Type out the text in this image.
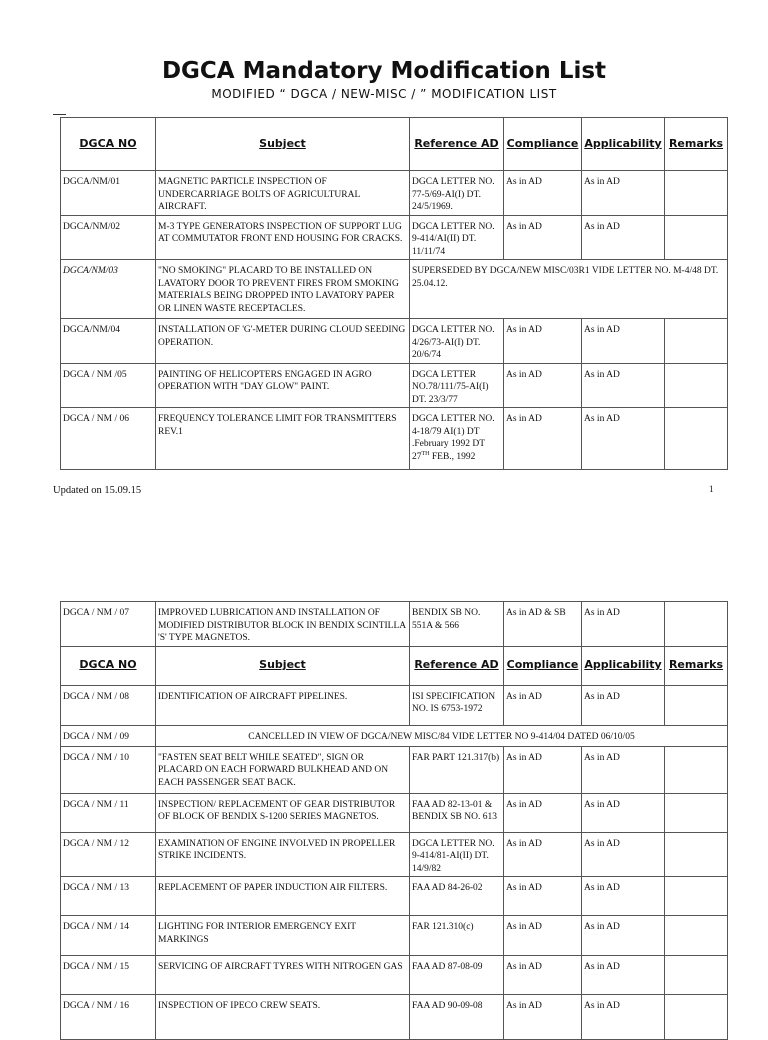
DGCA Mandatory Modification List
MODIFIED “ DGCA / NEW-MISC / ” MODIFICATION LIST
DGCA NO	Subject	Reference AD	Compliance	Applicability	Remarks
DGCA/NM/01	MAGNETIC PARTICLE INSPECTION OF UNDERCARRIAGE BOLTS OF AGRICULTURAL AIRCRAFT.	DGCA LETTER NO. 77-5/69-AI(I) DT. 24/5/1969.	As in AD	As in AD	
DGCA/NM/02	M-3 TYPE GENERATORS INSPECTION OF SUPPORT LUG AT COMMUTATOR FRONT END HOUSING FOR CRACKS.	DGCA LETTER NO. 9-414/AI(II) DT. 11/11/74	As in AD	As in AD	
DGCA/NM/03	"NO SMOKING" PLACARD TO BE INSTALLED ON LAVATORY DOOR TO PREVENT FIRES FROM SMOKING MATERIALS BEING DROPPED INTO LAVATORY PAPER OR LINEN WASTE RECEPTACLES.	SUPERSEDED BY DGCA/NEW MISC/03R1 VIDE LETTER NO. M-4/48 DT. 25.04.12.			
DGCA/NM/04	INSTALLATION OF 'G'-METER DURING CLOUD SEEDING OPERATION.	DGCA LETTER NO. 4/26/73-AI(I) DT. 20/6/74	As in AD	As in AD	
DGCA / NM /05	PAINTING OF HELICOPTERS ENGAGED IN AGRO OPERATION WITH "DAY GLOW" PAINT.	DGCA LETTER NO.78/111/75-AI(I) DT. 23/3/77	As in AD	As in AD	
DGCA / NM / 06	FREQUENCY TOLERANCE LIMIT FOR TRANSMITTERS REV.1	DGCA LETTER NO. 4-18/79 AI(1) DT .February 1992 DT 27TH FEB., 1992	As in AD	As in AD	
Updated on 15.09.15	1
DGCA / NM / 07	IMPROVED LUBRICATION AND INSTALLATION OF MODIFIED DISTRIBUTOR BLOCK IN BENDIX SCINTILLA 'S' TYPE MAGNETOS.	BENDIX SB NO. 551A & 566	As in AD & SB	As in AD	
DGCA NO	Subject	Reference AD	Compliance	Applicability	Remarks
DGCA / NM / 08	IDENTIFICATION OF AIRCRAFT PIPELINES.	ISI SPECIFICATION NO. IS 6753-1972	As in AD	As in AD	
DGCA / NM / 09	CANCELLED IN VIEW OF DGCA/NEW MISC/84 VIDE LETTER NO 9-414/04 DATED 06/10/05				
DGCA / NM / 10	"FASTEN SEAT BELT WHILE SEATED", SIGN OR PLACARD ON EACH FORWARD BULKHEAD AND ON EACH PASSENGER SEAT BACK.	FAR PART 121.317(b)	As in AD	As in AD	
DGCA / NM / 11	INSPECTION/ REPLACEMENT OF GEAR DISTRIBUTOR OF BLOCK OF BENDIX S-1200 SERIES MAGNETOS.	FAA AD 82-13-01 & BENDIX SB NO. 613	As in AD	As in AD	
DGCA / NM / 12	EXAMINATION OF ENGINE INVOLVED IN PROPELLER STRIKE INCIDENTS.	DGCA LETTER NO. 9-414/81-AI(II) DT. 14/9/82	As in AD	As in AD	
DGCA / NM / 13	REPLACEMENT OF PAPER INDUCTION AIR FILTERS.	FAA AD 84-26-02	As in AD	As in AD	
DGCA / NM / 14	LIGHTING FOR INTERIOR EMERGENCY EXIT MARKINGS	FAR 121.310(c)	As in AD	As in AD	
DGCA / NM / 15	SERVICING OF AIRCRAFT TYRES WITH NITROGEN GAS	FAA AD 87-08-09	As in AD	As in AD	
DGCA / NM / 16	INSPECTION OF IPECO CREW SEATS.	FAA AD 90-09-08	As in AD	As in AD	
